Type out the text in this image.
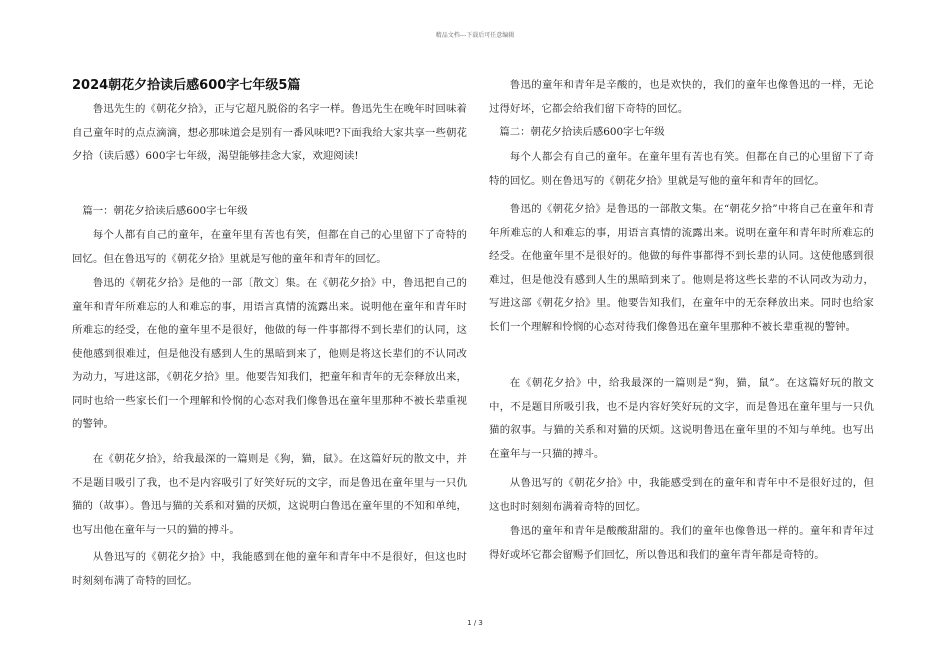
精品文档---下载后可任意编辑
2024朝花夕拾读后感600字七年级5篇

鲁迅先生的《朝花夕拾》，正与它超凡脱俗的名字一样。鲁迅先生在晚年时回味着自己童年时的点点滴滴，想必那味道会是别有一番风味吧?下面我给大家共享一些朝花夕拾（读后感）600字七年级，渴望能够挂念大家，欢迎阅读!

篇一：朝花夕拾读后感600字七年级

每个人都有自己的童年，在童年里有苦也有笑，但都在自己的心里留下了奇特的回忆。但在鲁迅写的《朝花夕拾》里就是写他的童年和青年的回忆。

鲁迅的《朝花夕拾》是他的一部〔散文〕集。在《朝花夕拾》中，鲁迅把自己的童年和青年所难忘的人和难忘的事，用语言真情的流露出来。说明他在童年和青年时所难忘的经受，在他的童年里不是很好，他做的每一件事都得不到长辈们的认同，这使他感到很难过，但是他没有感到人生的黑暗到来了，他则是将这长辈们的不认同改为动力，写进这部，《朝花夕拾》里。他要告知我们，把童年和青年的无奈释放出来，同时也给一些家长们一个理解和怜悯的心态对我们像鲁迅在童年里那种不被长辈重视的警钟。

在《朝花夕拾》，给我最深的一篇则是《狗，猫，鼠》。在这篇好玩的散文中，并不是题目吸引了我，也不是内容吸引了好笑好玩的文字，而是鲁迅在童年里与一只仇猫的（故事）。鲁迅与猫的关系和对猫的厌烦，这说明白鲁迅在童年里的不知和单纯，也写出他在童年与一只的猫的搏斗。

从鲁迅写的《朝花夕拾》中，我能感到在他的童年和青年中不是很好，但这也时时刻刻布满了奇特的回忆。

鲁迅的童年和青年是辛酸的，也是欢快的，我们的童年也像鲁迅的一样，无论过得好坏，它都会给我们留下奇特的回忆。

篇二：朝花夕拾读后感600字七年级

每个人都会有自己的童年。在童年里有苦也有笑。但都在自己的心里留下了奇特的回忆。则在鲁迅写的《朝花夕拾》里就是写他的童年和青年的回忆。

鲁迅的《朝花夕拾》是鲁迅的一部散文集。在“朝花夕拾”中将自己在童年和青年所难忘的人和难忘的事，用语言真情的流露出来。说明在童年和青年时所难忘的经受。在他童年里不是很好的。他做的每件事都得不到长辈的认同。这使他感到很难过，但是他没有感到人生的黑暗到来了。他则是将这些长辈的不认同改为动力，写进这部《朝花夕拾》里。他要告知我们，在童年中的无奈释放出来。同时也给家长们一个理解和怜悯的心态对待我们像鲁迅在童年里那种不被长辈重视的警钟。

在《朝花夕拾》中，给我最深的一篇则是“狗，猫，鼠”。在这篇好玩的散文中，不是题目所吸引我，也不是内容好笑好玩的文字，而是鲁迅在童年里与一只仇猫的叙事。与猫的关系和对猫的厌烦。这说明鲁迅在童年里的不知与单纯。也写出在童年与一只猫的搏斗。

从鲁迅写的《朝花夕拾》中，我能感受到在的童年和青年中不是很好过的，但这也时时刻刻布满着奇特的回忆。

鲁迅的童年和青年是酸酸甜甜的。我们的童年也像鲁迅一样的。童年和青年过得好或坏它都会留赐予们回忆，所以鲁迅和我们的童年青年都是奇特的。

1 / 3
